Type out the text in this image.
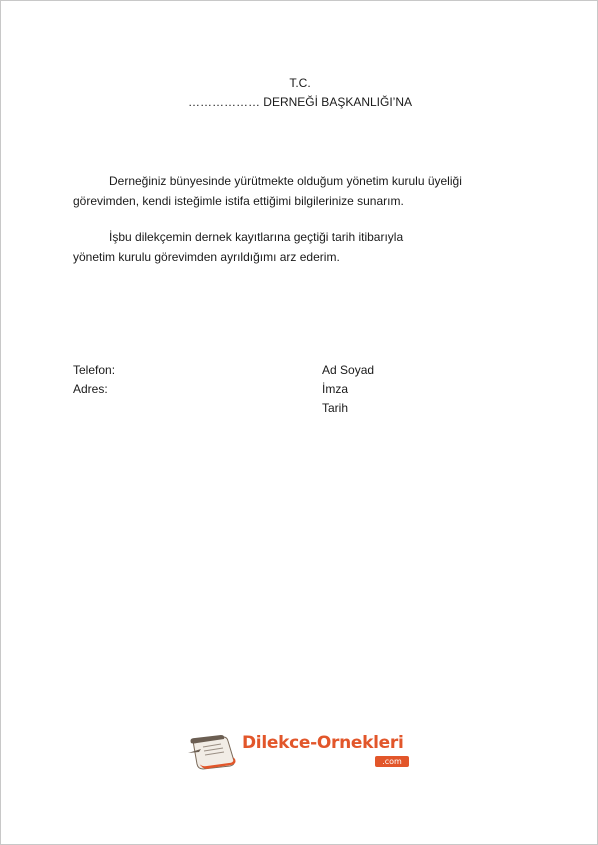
T.C.
……………… DERNEĞİ BAŞKANLIĞI’NA
Derneğiniz bünyesinde yürütmekte olduğum yönetim kurulu üyeliği
görevimden, kendi isteğimle istifa ettiğimi bilgilerinize sunarım.
İşbu dilekçemin dernek kayıtlarına geçtiği tarih itibarıyla
yönetim kurulu görevimden ayrıldığımı arz ederim.
Telefon:
Adres:
Ad Soyad
İmza
Tarih
Dilekce-Ornekleri
.com
